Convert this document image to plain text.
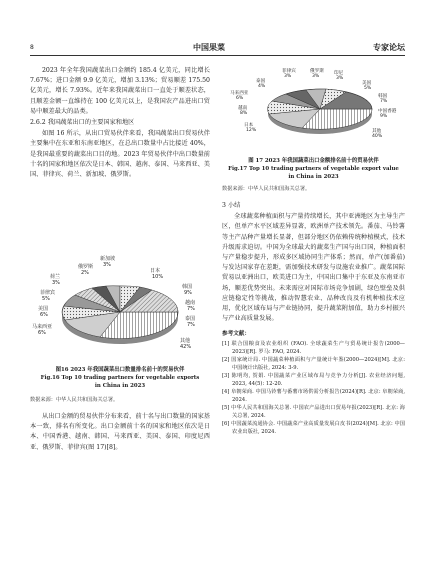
8	中国果菜	专家论坛

2023 年全年我国蔬菜出口金额约 185.4 亿美元，同比增长 7.67%；进口金额 9.9 亿美元，增加 3.13%；贸易顺差 175.50 亿美元，增长 7.93%。近年来我国蔬菜出口一直处于顺差状态，且顺差金额一直维持在 100 亿美元以上，是我国农产品进出口贸易中顺差最大的品类。

2.6.2 我国蔬菜出口的主要国家和地区

如图 16 所示，从出口贸易伙伴来看，我国蔬菜出口贸易伙伴主要集中在东亚和东南亚地区，在总出口数量中占比接近 40%，是我国最重要的蔬菜出口目的地。2023 年贸易伙伴中出口数量前十名的国家和地区依次是日本、韩国、越南、泰国、马来西亚、美国、菲律宾、荷兰、新加坡、俄罗斯。

新加坡
3%
俄罗斯
2%	日本
10%
荷兰
3%
韩国
9%
菲律宾
5%
越南
7%
美国
6%
泰国
7%
马来西亚
6%
其他
42%
图16 2023 年我国蔬菜出口数量排名前十的贸易伙伴
Fig.16 Top 10 trading partners for vegetable exports
in China in 2023
数据来源：中华人民共和国海关总署。

从出口金额的贸易伙伴分布来看，前十名与出口数量的国家基本一致，排名有所变化。出口金额前十名的国家和地区依次是日本、中国香港、越南、韩国、马来西亚、美国、泰国、印度尼西亚、俄罗斯、菲律宾(图 17)[8]。

菲律宾
3%
俄罗斯
3%
印尼
3%
泰国
4%
美国
5%
马来西亚
6%	韩国
7%
越南
8%	中国香港
9%
日本
12%	其他
40%
图 17 2023 年我国蔬菜出口金额排名前十的贸易伙伴
Fig.17 Top 10 trading partners of vegetable export value
in China in 2023
数据来源：中华人民共和国海关总署。

3 小结

全球蔬菜种植面积与产量持续增长，其中亚洲地区为主导生产区，但单产水平区域差异显著，欧洲单产技术领先。番茄、马铃薯等主产品种产量增长显著，但部分地区仍依赖传统种植模式，技术升级需求迫切。中国为全球最大的蔬菜生产国与出口国，种植面积与产量稳步提升，形成多区域协同生产体系；然而，单产(加番茄)与发达国家存在差距，需加强技术研发与设施农业推广。蔬菜国际贸易以亚洲出口，欧美进口为主，中国出口集中于东亚及东南亚市场，顺差优势突出。未来需应对国际市场竞争加剧，绿色壁垒及供应链稳定性等挑战，推动智慧农业、品种改良及有机种植技术应用，优化区域布局与产业链协同，提升蔬菜附加值，助力乡村振兴与产业高质量发展。

参考文献：

[1] 联合国粮食及农业组织 (FAO). 全球蔬菜生产与贸易统计报告(2000—2023)[R]. 罗马: FAO, 2024.

[2] 国家统计局. 中国蔬菜种植面积与产量统计年鉴(2000—2024)[M]. 北京: 中国统计出版社, 2024: 3-9.

[3] 陈明均, 贺娟. 中国蔬菜产业区域布局与竞争力分析[J]. 农业经济问题, 2023, 44(5): 12-20.

[4] 阜朝荣商. 中国马铃薯与番薯市场供需分析报告(2024)[R]. 北京: 阜朝荣商, 2024.

[5] 中华人民共和国海关总署. 中国农产品进出口贸易年报(2023)[R]. 北京: 海关总署, 2024.

[6] 中国蔬菜流通协会. 中国蔬菜产业高质量发展白皮书(2024)[M]. 北京: 中国农业出版社, 2024.
